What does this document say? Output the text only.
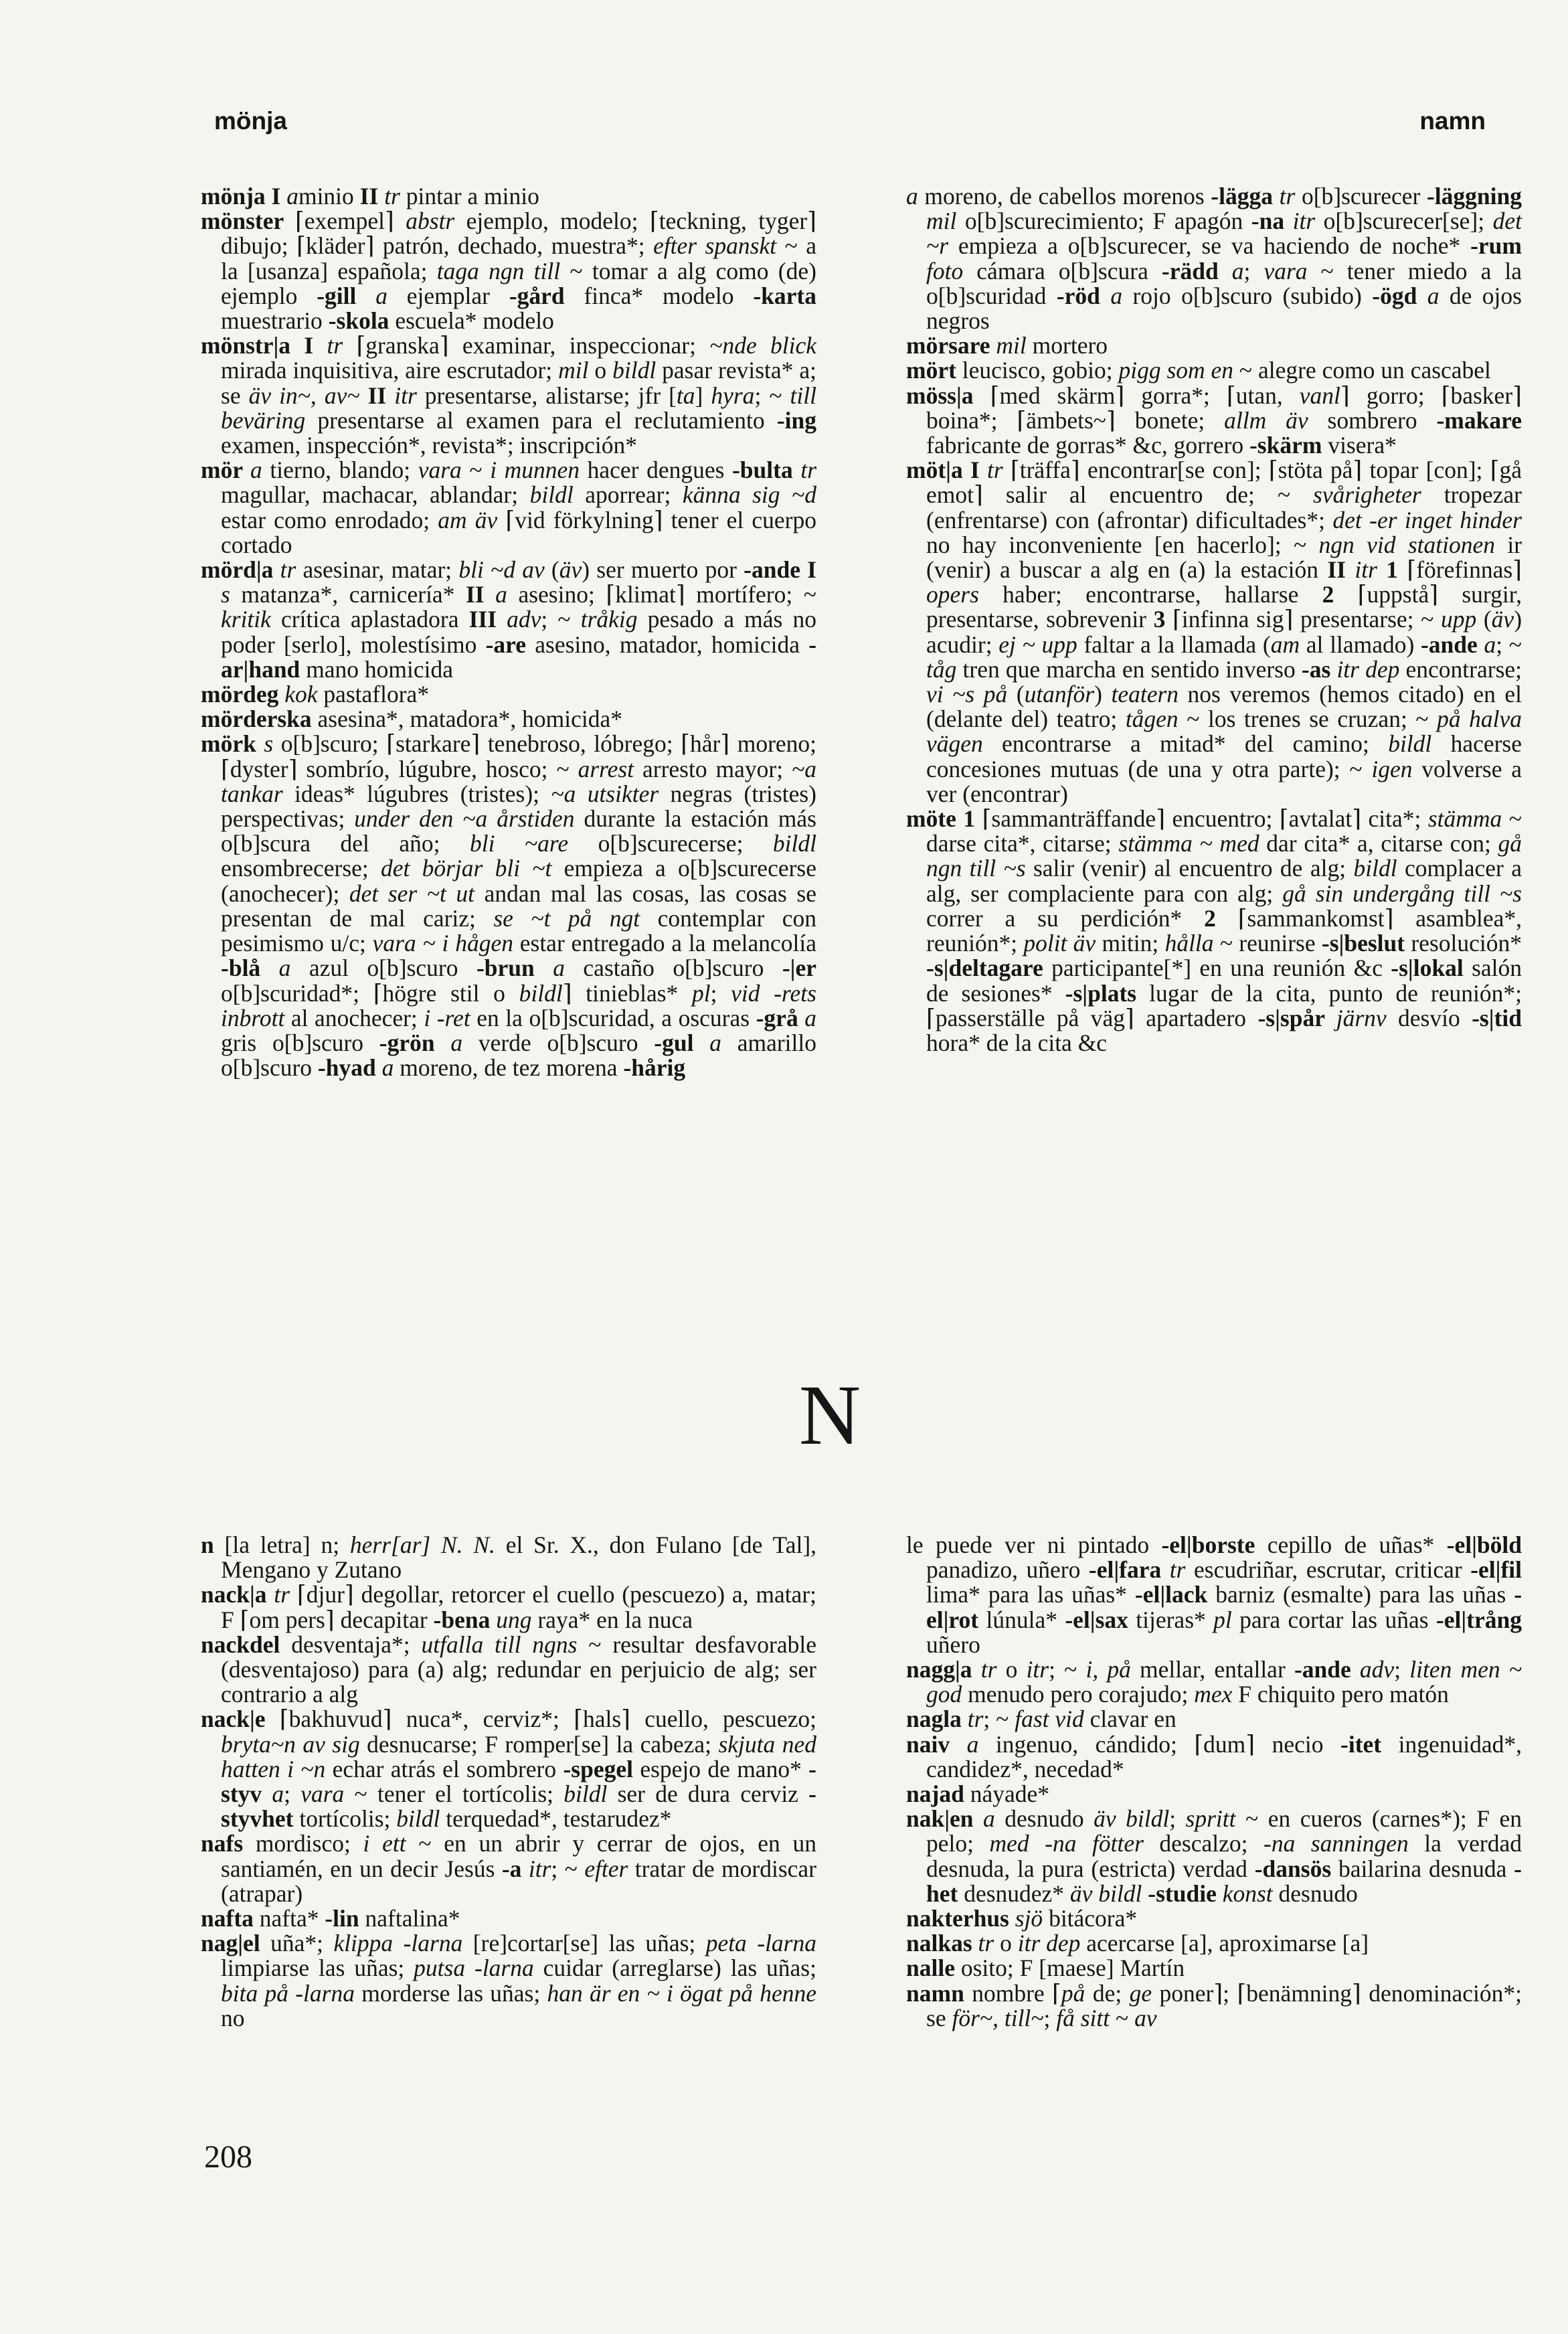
mönja	namn

mönja I aminio II tr pintar a minio

mönster ⌈exempel⌉ abstr ejemplo, modelo; ⌈teckning, tyger⌉ dibujo; ⌈kläder⌉ patrón, dechado, muestra*; efter spanskt ~ a la [usanza] española; taga ngn till ~ tomar a alg como (de) ejemplo -gill a ejemplar -gård finca* modelo -karta muestrario -skola escuela* modelo

mönstr|a I tr ⌈granska⌉ examinar, inspeccionar; ~nde blick mirada inquisitiva, aire escrutador; mil o bildl pasar revista* a; se äv in~, av~ II itr presentarse, alistarse; jfr [ta] hyra; ~ till bevӓring presentarse al examen para el reclutamiento -ing examen, inspección*, revista*; inscripción*

mör a tierno, blando; vara ~ i munnen hacer dengues -bulta tr magullar, machacar, ablandar; bildl aporrear; känna sig ~d estar como enrodado; am äv ⌈vid förkylning⌉ tener el cuerpo cortado

mörd|a tr asesinar, matar; bli ~d av (äv) ser muerto por -ande I s matanza*, carnicería* II a asesino; ⌈klimat⌉ mortífero; ~ kritik crítica aplastadora III adv; ~ tråkig pesado a más no poder [serlo], molestísimo -are asesino, matador, homicida -ar|hand mano homicida

mördeg kok pastaflora*

mörderska asesina*, matadora*, homicida*

mörk s o[b]scuro; ⌈starkare⌉ tenebroso, lóbrego; ⌈hår⌉ moreno; ⌈dyster⌉ sombrío, lúgubre, hosco; ~ arrest arresto mayor; ~a tankar ideas* lúgubres (tristes); ~a utsikter negras (tristes) perspectivas; under den ~a årstiden durante la estación más o[b]scura del año; bli ~are o[b]scurecerse; bildl ensombrecerse; det börjar bli ~t empieza a o[b]scurecerse (anochecer); det ser ~t ut andan mal las cosas, las cosas se presentan de mal cariz; se ~t på ngt contemplar con pesimismo u/c; vara ~ i hågen estar entregado a la melancolía -blå a azul o[b]scuro -brun a castaño o[b]scuro -|er o[b]scuridad*; ⌈högre stil o bildl⌉ tinieblas* pl; vid -rets inbrott al anochecer; i -ret en la o[b]scuridad, a oscuras -grå a gris o[b]scuro -grön a verde o[b]scuro -gul a amarillo o[b]scuro -hyad a moreno, de tez morena -hårig

a moreno, de cabellos morenos -lägga tr o[b]scurecer -läggning mil o[b]scurecimiento; F apagón -na itr o[b]scurecer[se]; det ~r empieza a o[b]scurecer, se va haciendo de noche* -rum foto cámara o[b]scura -rädd a; vara ~ tener miedo a la o[b]scuridad -röd a rojo o[b]scuro (subido) -ögd a de ojos negros

mörsare mil mortero

mört leucisco, gobio; pigg som en ~ alegre como un cascabel

möss|a ⌈med skärm⌉ gorra*; ⌈utan, vanl⌉ gorro; ⌈basker⌉ boina*; ⌈ämbets~⌉ bonete; allm äv sombrero -makare fabricante de gorras* &c, gorrero -skärm visera*

möt|a I tr ⌈träffa⌉ encontrar[se con]; ⌈stöta på⌉ topar [con]; ⌈gå emot⌉ salir al encuentro de; ~ svårigheter tropezar (enfrentarse) con (afrontar) dificultades*; det -er inget hinder no hay inconveniente [en hacerlo]; ~ ngn vid stationen ir (venir) a buscar a alg en (a) la estación II itr 1 ⌈förefinnas⌉ opers haber; encontrarse, hallarse 2 ⌈uppstå⌉ surgir, presentarse, sobrevenir 3 ⌈infinna sig⌉ presentarse; ~ upp (äv) acudir; ej ~ upp faltar a la llamada (am al llamado) -ande a; ~ tåg tren que marcha en sentido inverso -as itr dep encontrarse; vi ~s på (utanför) teatern nos veremos (hemos citado) en el (delante del) teatro; tågen ~ los trenes se cruzan; ~ på halva vägen encontrarse a mitad* del camino; bildl hacerse concesiones mutuas (de una y otra parte); ~ igen volverse a ver (encontrar)

möte 1 ⌈sammanträffande⌉ encuentro; ⌈avtalat⌉ cita*; stämma ~ darse cita*, citarse; stämma ~ med dar cita* a, citarse con; gå ngn till ~s salir (venir) al encuentro de alg; bildl complacer a alg, ser complaciente para con alg; gå sin undergång till ~s correr a su perdición* 2 ⌈sammankomst⌉ asamblea*, reunión*; polit äv mitin; hålla ~ reunirse -s|beslut resolución* -s|deltagare participante[*] en una reunión &c -s|lokal salón de sesiones* -s|plats lugar de la cita, punto de reunión*; ⌈passerställe på väg⌉ apartadero -s|spår järnv desvío -s|tid hora* de la cita &c

N

n [la letra] n; herr[ar] N. N. el Sr. X., don Fulano [de Tal], Mengano y Zutano

nack|a tr ⌈djur⌉ degollar, retorcer el cuello (pescuezo) a, matar; F ⌈om pers⌉ decapitar -bena ung raya* en la nuca

nackdel desventaja*; utfalla till ngns ~ resultar desfavorable (desventajoso) para (a) alg; redundar en perjuicio de alg; ser contrario a alg

nack|e ⌈bakhuvud⌉ nuca*, cerviz*; ⌈hals⌉ cuello, pescuezo; bryta~n av sig desnucarse; F romper[se] la cabeza; skjuta ned hatten i ~n echar atrás el sombrero -spegel espejo de mano* -styv a; vara ~ tener el tortícolis; bildl ser de dura cerviz -styvhet tortícolis; bildl terquedad*, testarudez*

nafs mordisco; i ett ~ en un abrir y cerrar de ojos, en un santiamén, en un decir Jesús -a itr; ~ efter tratar de mordiscar (atrapar)

nafta nafta* -lin naftalina*

nag|el uña*; klippa -larna [re]cortar[se] las uñas; peta -larna limpiarse las uñas; putsa -larna cuidar (arreglarse) las uñas; bita på -larna morderse las uñas; han är en ~ i ögat på henne no

le puede ver ni pintado -el|borste cepillo de uñas* -el|böld panadizo, uñero -el|fara tr escudriñar, escrutar, criticar -el|fil lima* para las uñas* -el|lack barniz (esmalte) para las uñas -el|rot lúnula* -el|sax tijeras* pl para cortar las uñas -el|trång uñero

nagg|a tr o itr; ~ i, på mellar, entallar -ande adv; liten men ~ god menudo pero corajudo; mex F chiquito pero matón

nagla tr; ~ fast vid clavar en

naiv a ingenuo, cándido; ⌈dum⌉ necio -itet ingenuidad*, candidez*, necedad*

najad náyade*

nak|en a desnudo äv bildl; spritt ~ en cueros (carnes*); F en pelo; med -na fötter descalzo; -na sanningen la verdad desnuda, la pura (estricta) verdad -dansös bailarina desnuda -het desnudez* äv bildl -studie konst desnudo

nakterhus sjö bitácora*

nalkas tr o itr dep acercarse [a], aproximarse [a]

nalle osito; F [maese] Martín

namn nombre ⌈på de; ge poner⌉; ⌈benämning⌉ denominación*; se för~, till~; få sitt ~ av

208
